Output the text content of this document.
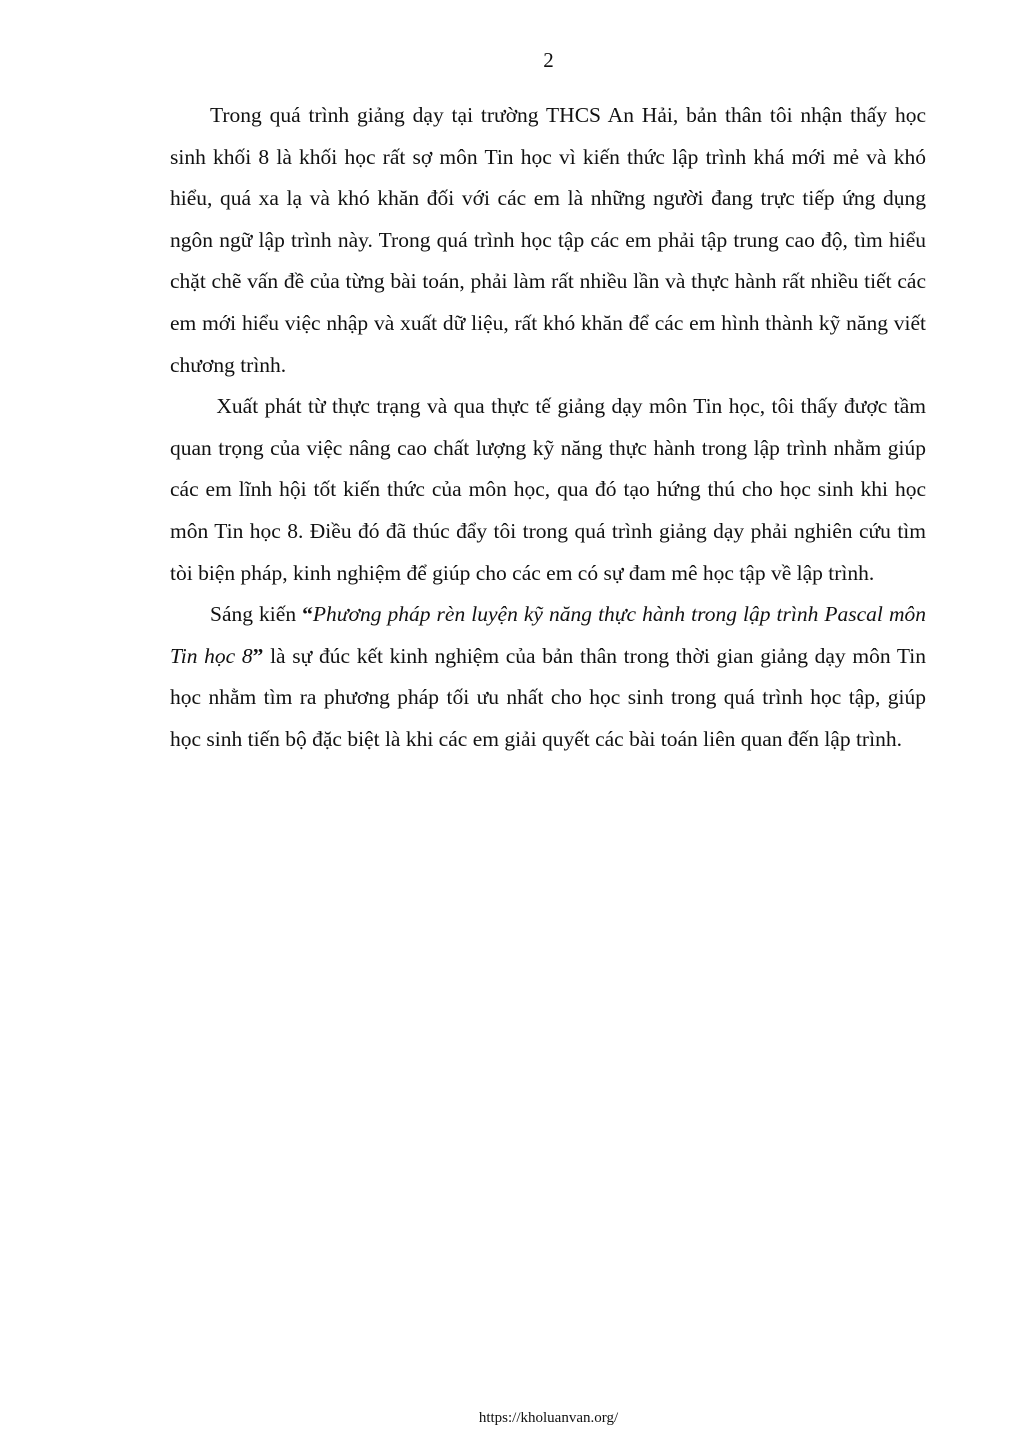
2

Trong quá trình giảng dạy tại trường THCS An Hải, bản thân tôi nhận thấy học sinh khối 8 là khối học rất sợ môn Tin học vì kiến thức lập trình khá mới mẻ và khó hiểu, quá xa lạ và khó khăn đối với các em là những người đang trực tiếp ứng dụng ngôn ngữ lập trình này. Trong quá trình học tập các em phải tập trung cao độ, tìm hiểu chặt chẽ vấn đề của từng bài toán, phải làm rất nhiều lần và thực hành rất nhiều tiết các em mới hiểu việc nhập và xuất dữ liệu, rất khó khăn để các em hình thành kỹ năng viết chương trình.

Xuất phát từ thực trạng và qua thực tế giảng dạy môn Tin học, tôi thấy được tầm quan trọng của việc nâng cao chất lượng kỹ năng thực hành trong lập trình nhằm giúp các em lĩnh hội tốt kiến thức của môn học, qua đó tạo hứng thú cho học sinh khi học môn Tin học 8. Điều đó đã thúc đẩy tôi trong quá trình giảng dạy phải nghiên cứu tìm tòi biện pháp, kinh nghiệm để giúp cho các em có sự đam mê học tập về lập trình.

Sáng kiến “Phương pháp rèn luyện kỹ năng thực hành trong lập trình Pascal môn Tin học 8” là sự đúc kết kinh nghiệm của bản thân trong thời gian giảng dạy môn Tin học nhằm tìm ra phương pháp tối ưu nhất cho học sinh trong quá trình học tập, giúp học sinh tiến bộ đặc biệt là khi các em giải quyết các bài toán liên quan đến lập trình.

https://kholuanvan.org/
